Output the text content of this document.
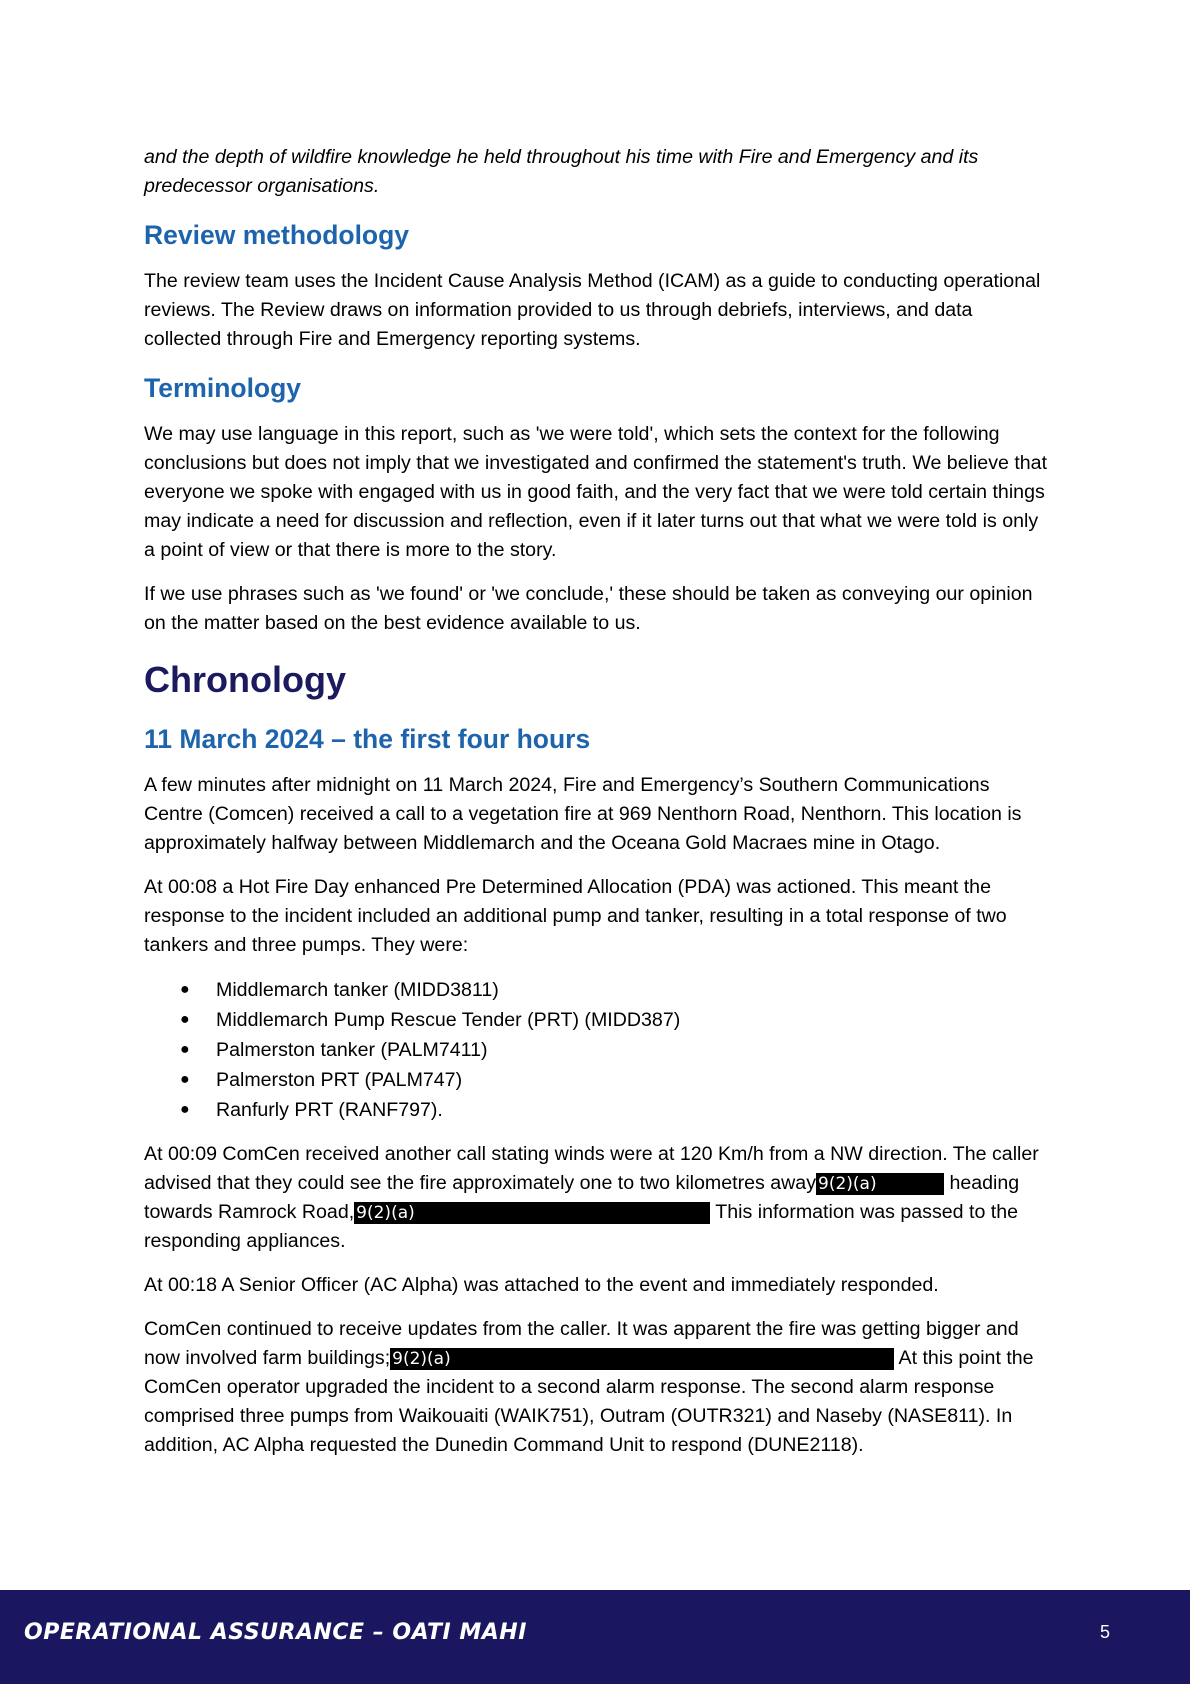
and the depth of wildfire knowledge he held throughout his time with Fire and Emergency and its predecessor organisations.

Review methodology

The review team uses the Incident Cause Analysis Method (ICAM) as a guide to conducting operational reviews. The Review draws on information provided to us through debriefs, interviews, and data collected through Fire and Emergency reporting systems.

Terminology

We may use language in this report, such as 'we were told', which sets the context for the following conclusions but does not imply that we investigated and confirmed the statement's truth. We believe that everyone we spoke with engaged with us in good faith, and the very fact that we were told certain things may indicate a need for discussion and reflection, even if it later turns out that what we were told is only a point of view or that there is more to the story.

If we use phrases such as 'we found' or 'we conclude,' these should be taken as conveying our opinion on the matter based on the best evidence available to us.

Chronology
11 March 2024 – the first four hours

A few minutes after midnight on 11 March 2024, Fire and Emergency’s Southern Communications Centre (Comcen) received a call to a vegetation fire at 969 Nenthorn Road, Nenthorn. This location is approximately halfway between Middlemarch and the Oceana Gold Macraes mine in Otago.

At 00:08 a Hot Fire Day enhanced Pre Determined Allocation (PDA) was actioned. This meant the response to the incident included an additional pump and tanker, resulting in a total response of two tankers and three pumps. They were:

● Middlemarch tanker (MIDD3811)
● Middlemarch Pump Rescue Tender (PRT) (MIDD387)
● Palmerston tanker (PALM7411)
● Palmerston PRT (PALM747)
● Ranfurly PRT (RANF797).

At 00:09 ComCen received another call stating winds were at 120 Km/h from a NW direction. The caller advised that they could see the fire approximately one to two kilometres away 9(2)(a)	heading towards Ramrock Road, 9(2)(a)	This information was passed to the responding appliances.

At 00:18 A Senior Officer (AC Alpha) was attached to the event and immediately responded.

ComCen continued to receive updates from the caller. It was apparent the fire was getting bigger and now involved farm buildings; 9(2)(a)	At this point the ComCen operator upgraded the incident to a second alarm response. The second alarm response comprised three pumps from Waikouaiti (WAIK751), Outram (OUTR321) and Naseby (NASE811). In addition, AC Alpha requested the Dunedin Command Unit to respond (DUNE2118).

OPERATIONAL ASSURANCE – OATI MAHI	5
